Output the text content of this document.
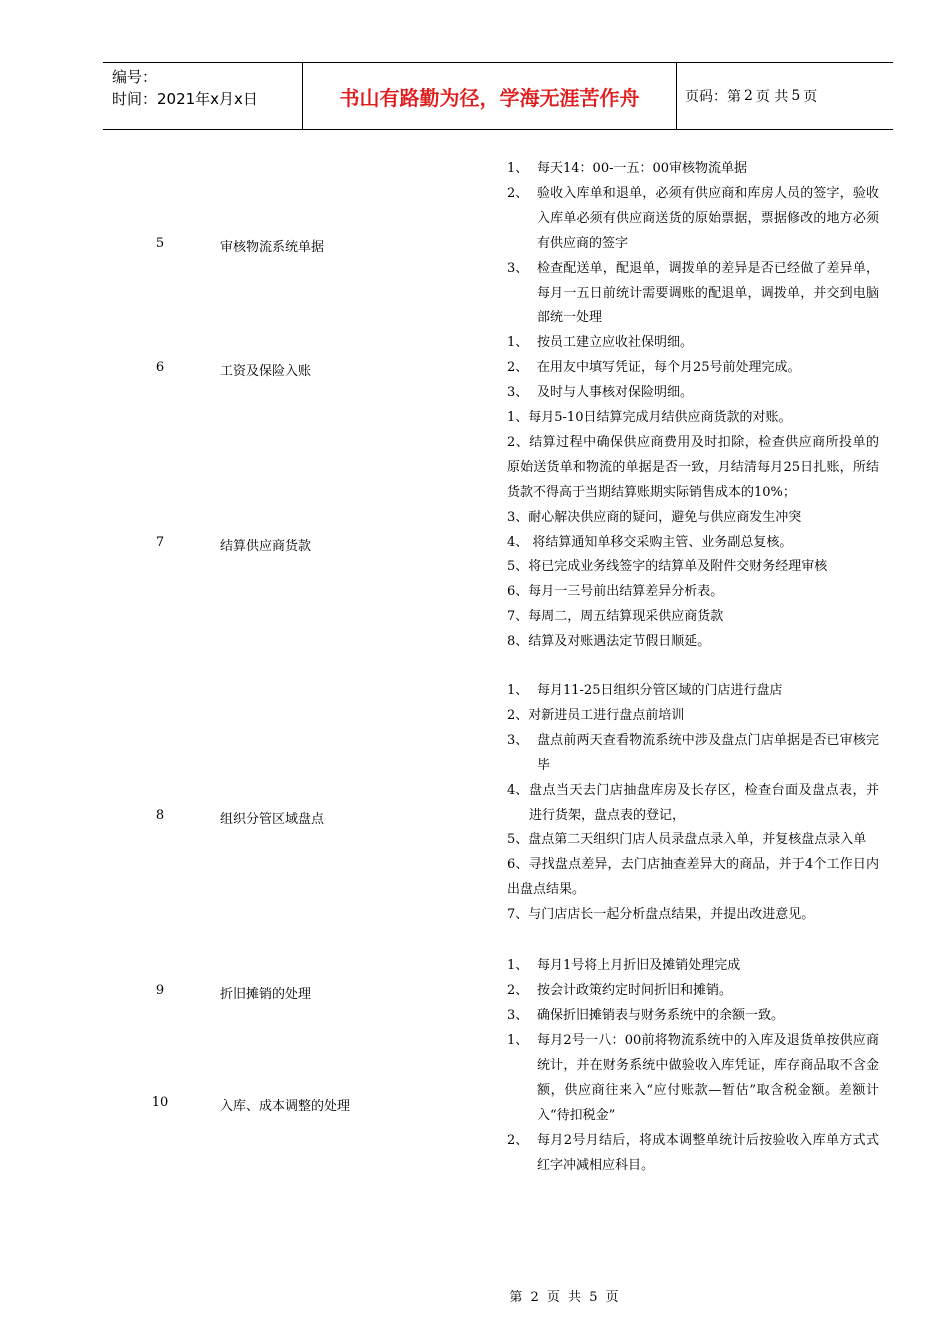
编号：
时间：2021年x月x日	书山有路勤为径，学海无涯苦作舟	页码：第 2 页 共 5 页
5	审核物流系统单据
1、 每天14：00-一五：00审核物流单据
2、 验收入库单和退单，必须有供应商和库房人员的签字，验收入库单必须有供应商送货的原始票据，票据修改的地方必须有供应商的签字
3、 检查配送单，配退单，调拨单的差异是否已经做了差异单，每月一五日前统计需要调账的配退单，调拨单，并交到电脑部统一处理
6	工资及保险入账
1、 按员工建立应收社保明细。
2、 在用友中填写凭证，每个月25号前处理完成。
3、 及时与人事核对保险明细。
7	结算供应商货款
1、每月5-10日结算完成月结供应商货款的对账。
2、结算过程中确保供应商费用及时扣除，检查供应商所投单的原始送货单和物流的单据是否一致，月结清每月25日扎账，所结货款不得高于当期结算账期实际销售成本的10%；
3、耐心解决供应商的疑问，避免与供应商发生冲突
4、 将结算通知单移交采购主管、业务副总复核。
5、将已完成业务线签字的结算单及附件交财务经理审核
6、每月一三号前出结算差异分析表。
7、每周二，周五结算现采供应商货款
8、结算及对账遇法定节假日顺延。
8	组织分管区域盘点
1、 每月11-25日组织分管区域的门店进行盘店
2、对新进员工进行盘点前培训
3、 盘点前两天查看物流系统中涉及盘点门店单据是否已审核完毕
4、 盘点当天去门店抽盘库房及长存区，检查台面及盘点表，并进行货架，盘点表的登记，
5、盘点第二天组织门店人员录盘点录入单，并复核盘点录入单
6、寻找盘点差异，去门店抽查差异大的商品，并于4个工作日内出盘点结果。
7、与门店店长一起分析盘点结果，并提出改进意见。
9	折旧摊销的处理
1、 每月1号将上月折旧及摊销处理完成
2、 按会计政策约定时间折旧和摊销。
3、 确保折旧摊销表与财务系统中的余额一致。
10	入库、成本调整的处理
1、 每月2号一八：00前将物流系统中的入库及退货单按供应商统计，并在财务系统中做验收入库凭证，库存商品取不含金额，供应商往来入“应付账款—暂估”取含税金额。差额计入“待扣税金”
2、 每月2号月结后，将成本调整单统计后按验收入库单方式式红字冲减相应科目。
第 2 页 共 5 页
